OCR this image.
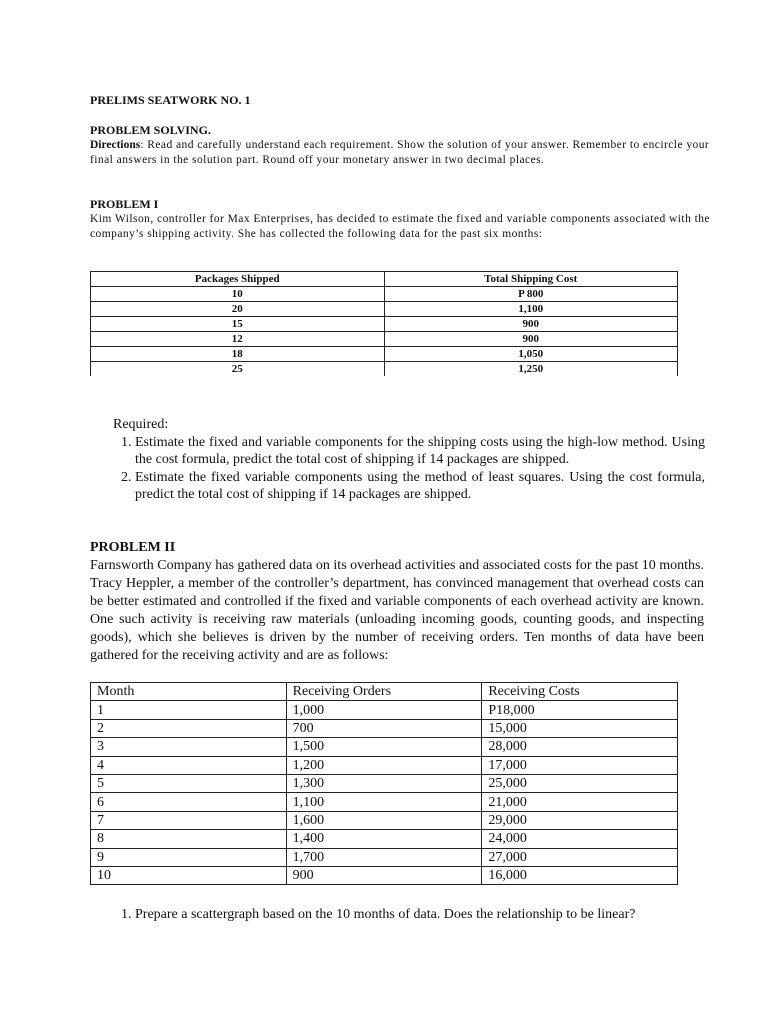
PRELIMS SEATWORK NO. 1
PROBLEM SOLVING.
Directions: Read and carefully understand each requirement. Show the solution of your answer. Remember to encircle your final answers in the solution part. Round off your monetary answer in two decimal places.
PROBLEM I
Kim Wilson, controller for Max Enterprises, has decided to estimate the fixed and variable components associated with the company’s shipping activity. She has collected the following data for the past six months:
Packages Shipped	Total Shipping Cost
10	P 800
20	1,100
15	900
12	900
18	1,050
25	1,250
Required:
1. Estimate the fixed and variable components for the shipping costs using the high-low method. Using the cost formula, predict the total cost of shipping if 14 packages are shipped.
2. Estimate the fixed variable components using the method of least squares. Using the cost formula, predict the total cost of shipping if 14 packages are shipped.
PROBLEM II
Farnsworth Company has gathered data on its overhead activities and associated costs for the past 10 months. Tracy Heppler, a member of the controller’s department, has convinced management that overhead costs can be better estimated and controlled if the fixed and variable components of each overhead activity are known. One such activity is receiving raw materials (unloading incoming goods, counting goods, and inspecting goods), which she believes is driven by the number of receiving orders. Ten months of data have been gathered for the receiving activity and are as follows:
Month	Receiving Orders	Receiving Costs
1	1,000	P18,000
2	700	15,000
3	1,500	28,000
4	1,200	17,000
5	1,300	25,000
6	1,100	21,000
7	1,600	29,000
8	1,400	24,000
9	1,700	27,000
10	900	16,000
1. Prepare a scattergraph based on the 10 months of data. Does the relationship to be linear?
